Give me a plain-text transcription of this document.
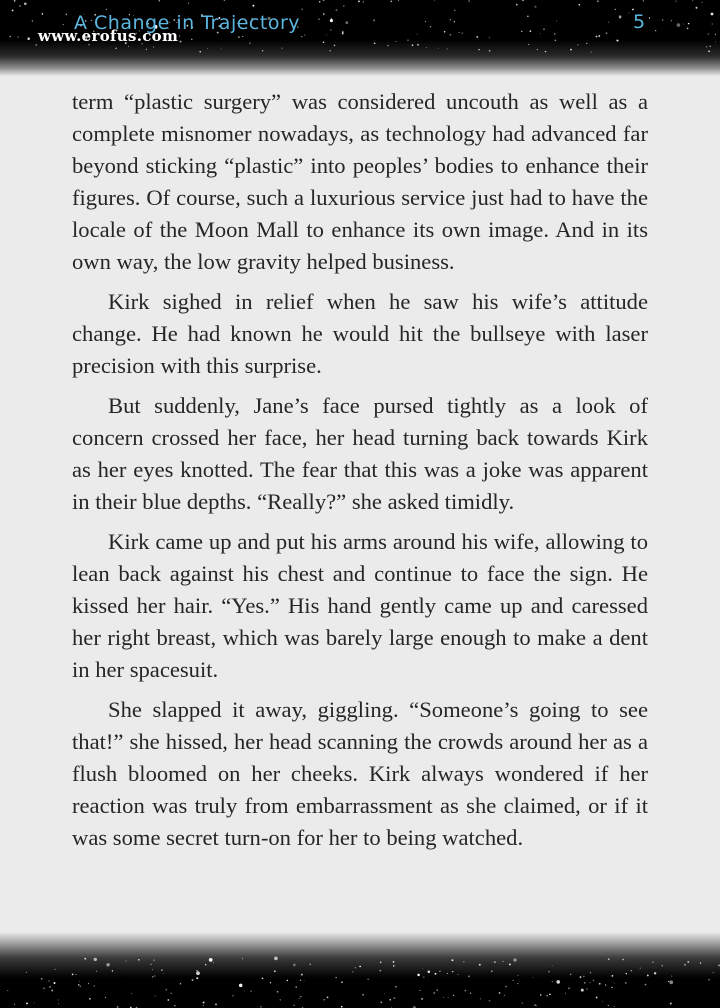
A Change in Trajectory	5
www.erofus.com

term “plastic surgery” was considered uncouth as well as a complete misnomer nowadays, as technology had advanced far beyond sticking “plastic” into peoples’ bodies to enhance their figures. Of course, such a luxurious service just had to have the locale of the Moon Mall to enhance its own image. And in its own way, the low gravity helped business.

Kirk sighed in relief when he saw his wife’s attitude change. He had known he would hit the bullseye with laser precision with this surprise.

But suddenly, Jane’s face pursed tightly as a look of concern crossed her face, her head turning back towards Kirk as her eyes knotted. The fear that this was a joke was apparent in their blue depths. “Really?” she asked timidly.

Kirk came up and put his arms around his wife, allowing to lean back against his chest and continue to face the sign. He kissed her hair. “Yes.” His hand gently came up and caressed her right breast, which was barely large enough to make a dent in her spacesuit.

She slapped it away, giggling. “Someone’s going to see that!” she hissed, her head scanning the crowds around her as a flush bloomed on her cheeks. Kirk always wondered if her reaction was truly from embarrassment as she claimed, or if it was some secret turn-on for her to being watched.
